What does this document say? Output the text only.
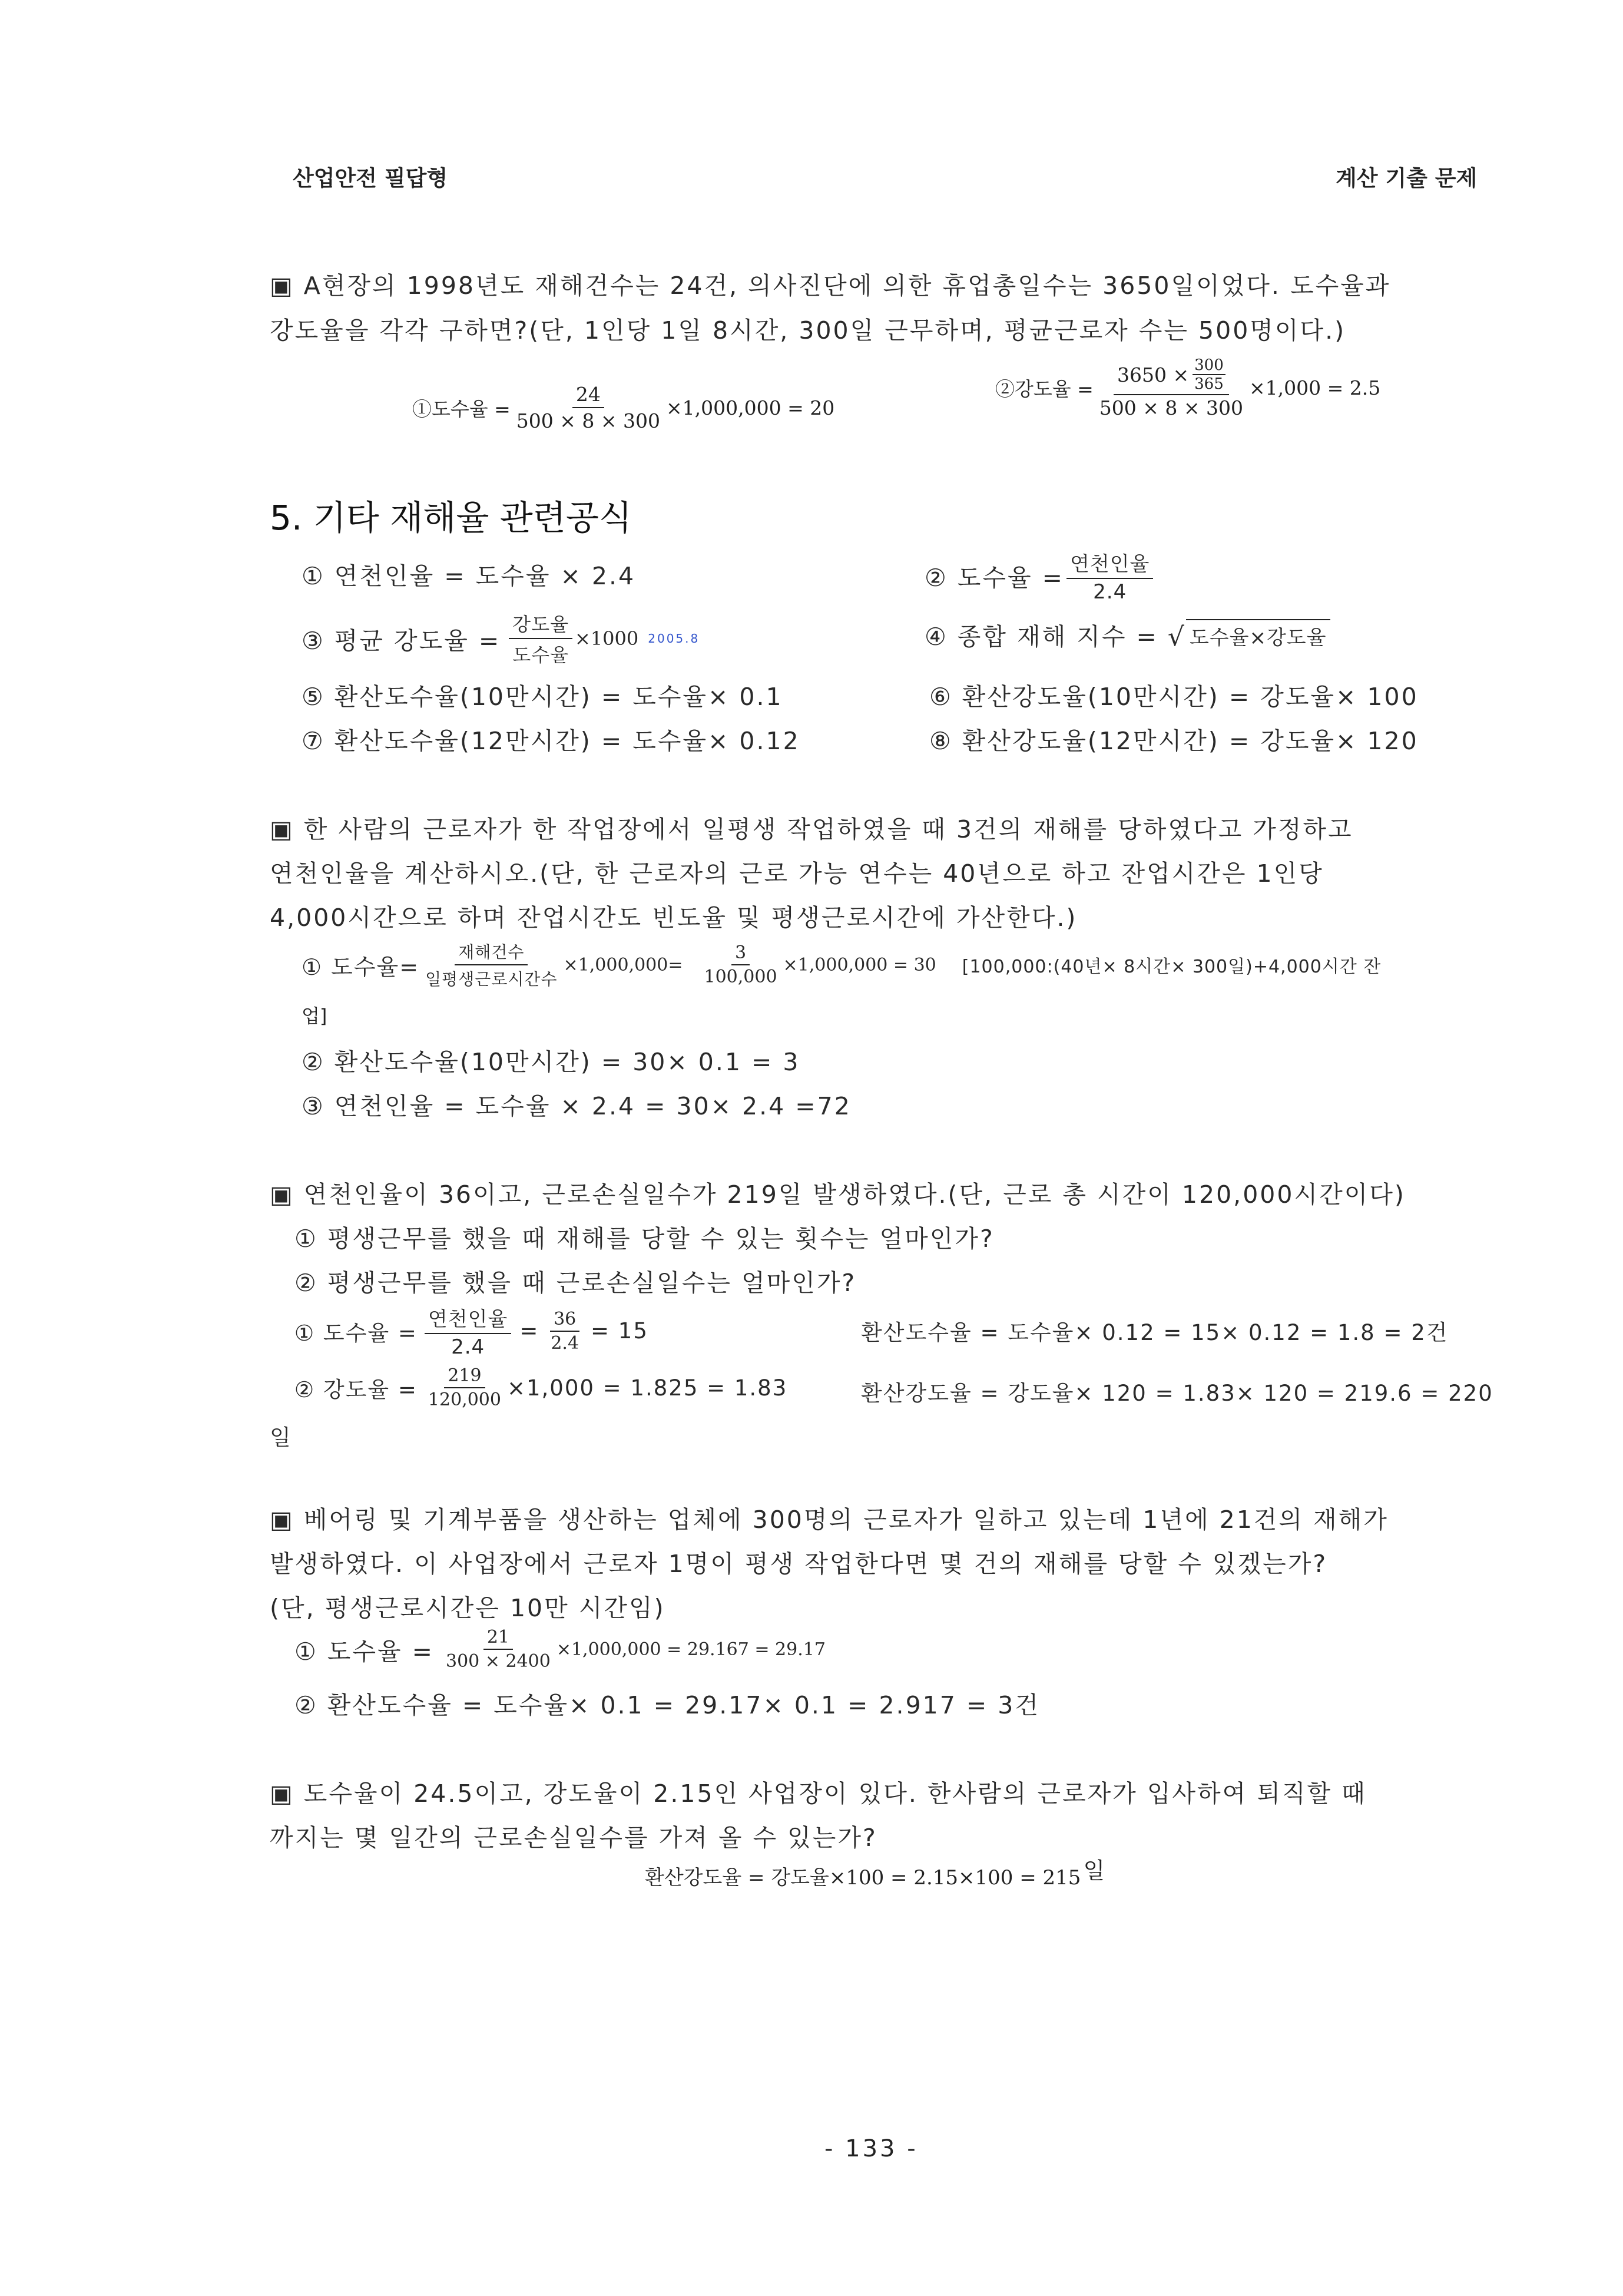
산업안전 필답형	계산 기출 문제
▣ A현장의 1998년도 재해건수는 24건, 의사진단에 의한 휴업총일수는 3650일이었다. 도수율과
강도율을 각각 구하면?(단, 1인당 1일 8시간, 300일 근무하며, 평균근로자 수는 500명이다.)
①도수율 = $\frac{24}{500 \times 8 \times 300} \times 1,000,000 = 20$
②강도율 = $\frac{3650 \times \frac{300}{365}}{500 \times 8 \times 300} \times 1,000 = 2.5$
5. 기타 재해율 관련공식
① 연천인율 = 도수율 × 2.4	② 도수율 = $\frac{\text{연천인율}}{2.4}$
③ 평균 강도율 = $\frac{\text{강도율}}{\text{도수율}} \times 1000$ 2005.8	④ 종합 재해 지수 = √ 도수율×강도율
⑤ 환산도수율(10만시간) = 도수율× 0.1	⑥ 환산강도율(10만시간) = 강도율× 100
⑦ 환산도수율(12만시간) = 도수율× 0.12	⑧ 환산강도율(12만시간) = 강도율× 120
▣ 한 사람의 근로자가 한 작업장에서 일평생 작업하였을 때 3건의 재해를 당하였다고 가정하고
연천인율을 계산하시오.(단, 한 근로자의 근로 가능 연수는 40년으로 하고 잔업시간은 1인당
4,000시간으로 하며 잔업시간도 빈도율 및 평생근로시간에 가산한다.)
① 도수율= $\frac{\text{재해건수}}{\text{일평생근로시간수}} \times 1,000,000= \frac{3}{100,000} \times 1,000,000 = 30$ [100,000:(40년× 8시간× 300일)+4,000시간 잔
업]
② 환산도수율(10만시간) = 30× 0.1 = 3
③ 연천인율 = 도수율 × 2.4 = 30× 2.4 =72
▣ 연천인율이 36이고, 근로손실일수가 219일 발생하였다.(단, 근로 총 시간이 120,000시간이다)
① 평생근무를 했을 때 재해를 당할 수 있는 횟수는 얼마인가?
② 평생근무를 했을 때 근로손실일수는 얼마인가?
① 도수율 = $\frac{\text{연천인율}}{2.4} = \frac{36}{2.4} = 15$	환산도수율 = 도수율× 0.12 = 15× 0.12 = 1.8 = 2건
② 강도율 = $\frac{219}{120,000} \times 1,000 = 1.825 = 1.83$	환산강도율 = 강도율× 120 = 1.83× 120 = 219.6 = 220
일
▣ 베어링 및 기계부품을 생산하는 업체에 300명의 근로자가 일하고 있는데 1년에 21건의 재해가
발생하였다. 이 사업장에서 근로자 1명이 평생 작업한다면 몇 건의 재해를 당할 수 있겠는가?
(단, 평생근로시간은 10만 시간임)
① 도수율 = $\frac{21}{300 \times 2400} \times 1,000,000 = 29.167 = 29.17$
② 환산도수율 = 도수율× 0.1 = 29.17× 0.1 = 2.917 = 3건
▣ 도수율이 24.5이고, 강도율이 2.15인 사업장이 있다. 한사람의 근로자가 입사하여 퇴직할 때
까지는 몇 일간의 근로손실일수를 가져 올 수 있는가?
환산강도율 = 강도율×100 = 2.15×100 = 215 일
- 133 -
